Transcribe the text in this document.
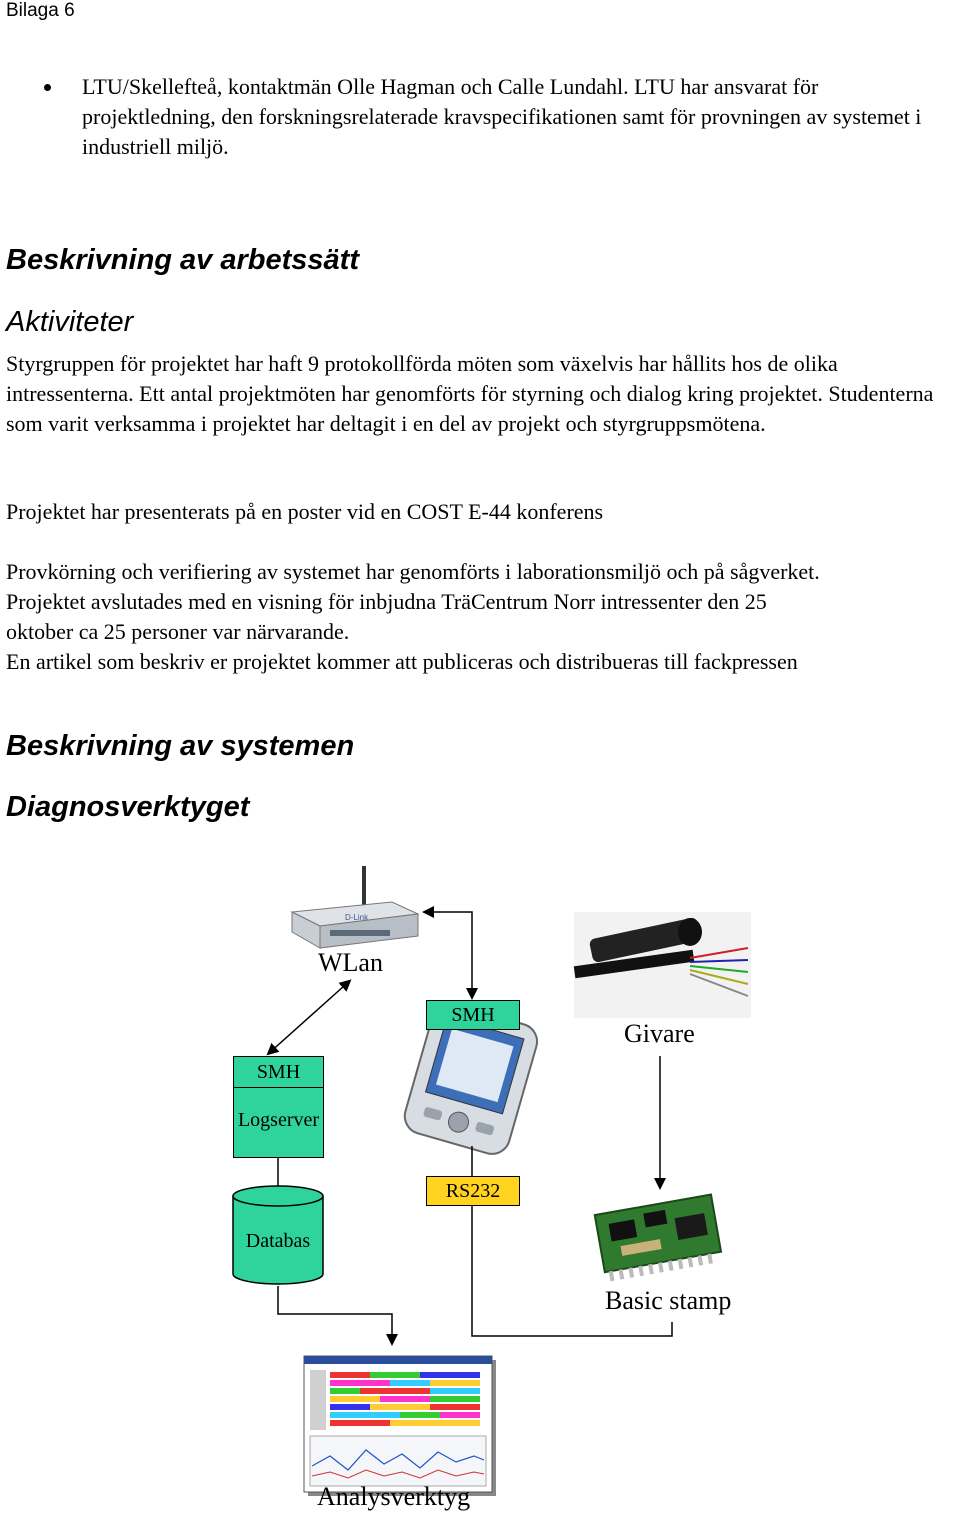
Bilaga 6
LTU/Skellefteå, kontaktmän Olle Hagman och Calle Lundahl. LTU har ansvarat för projektledning, den forskningsrelaterade kravspecifikationen samt för provningen av systemet i industriell miljö.
Beskrivning av arbetssätt
Aktiviteter

Styrgruppen för projektet har haft 9 protokollförda möten som växelvis har hållits hos de olika intressenterna. Ett antal projektmöten har genomförts för styrning och dialog kring projektet. Studenterna som varit verksamma i projektet har deltagit i en del av projekt och styrgruppsmötena.

Projektet har presenterats på en poster vid en COST E-44 konferens

Provkörning och verifiering av systemet har genomförts i laborationsmiljö och på sågverket.
Projektet avslutades med en visning för inbjudna TräCentrum Norr intressenter den 25
oktober ca 25 personer var närvarande.
En artikel som beskriv er projektet kommer att publiceras och distribueras till fackpressen
Beskrivning av systemen
Diagnosverktyget
D-Link
WLan
SMH
SMH
Logserver
Givare
RS232
Databas
Basic stamp
Analysverktyg
